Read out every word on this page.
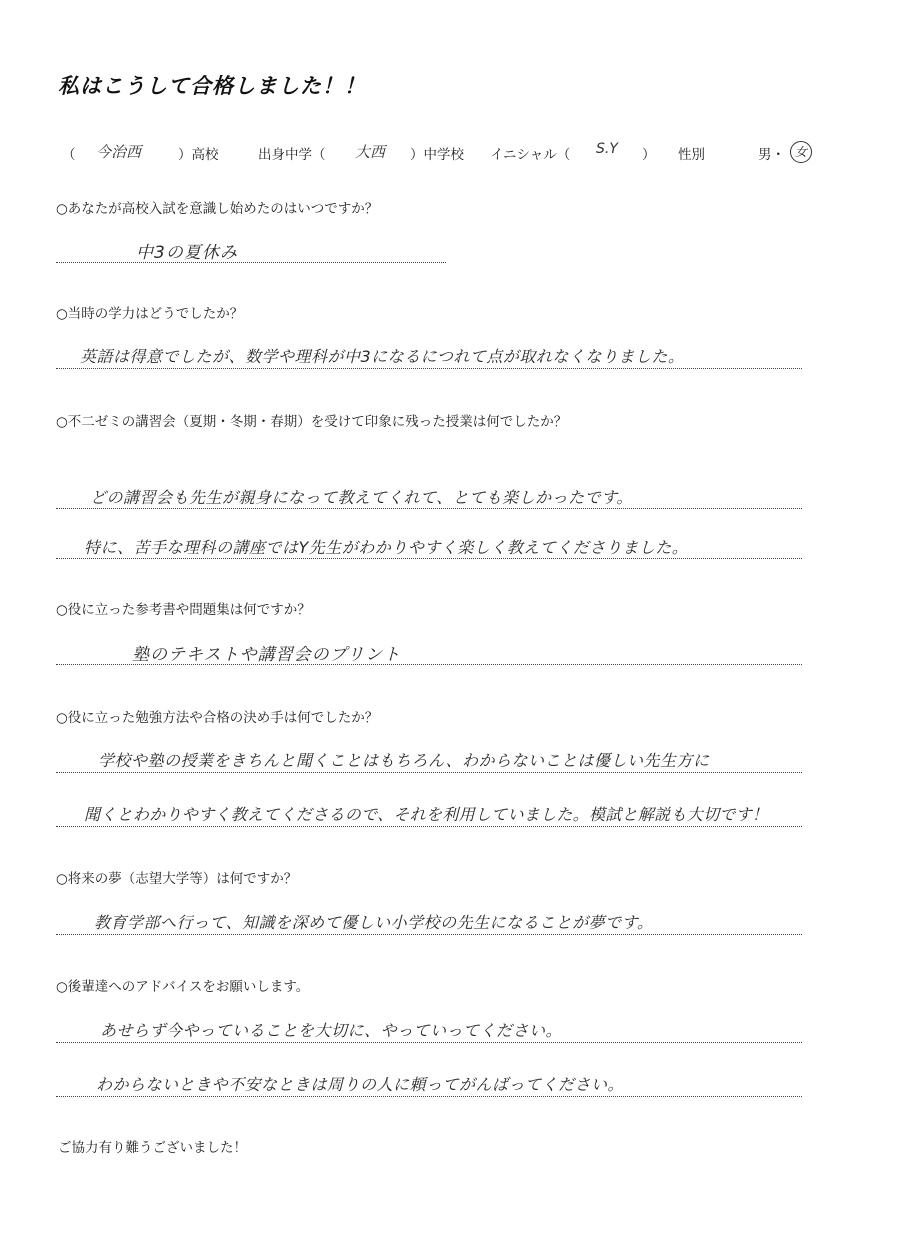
私はこうして合格しました！！
（ 今治西	）高校	出身中学（ 大西 ）中学校 イニシャル（ S.Y ） 性別	男・ 女
○あなたが高校入試を意識し始めたのはいつですか？
中3の夏休み
○当時の学力はどうでしたか？
英語は得意でしたが、数学や理科が中3になるにつれて点が取れなくなりました。
○不二ゼミの講習会（夏期・冬期・春期）を受けて印象に残った授業は何でしたか？
どの講習会も先生が親身になって教えてくれて、とても楽しかったです。
特に、苦手な理科の講座ではY先生がわかりやすく楽しく教えてくださりました。
○役に立った参考書や問題集は何ですか？
塾のテキストや講習会のプリント
○役に立った勉強方法や合格の決め手は何でしたか？
学校や塾の授業をきちんと聞くことはもちろん、わからないことは優しい先生方に
聞くとわかりやすく教えてくださるので、それを利用していました。模試と解説も大切です！
○将来の夢（志望大学等）は何ですか？
教育学部へ行って、知識を深めて優しい小学校の先生になることが夢です。
○後輩達へのアドバイスをお願いします。
あせらず今やっていることを大切に、やっていってください。
わからないときや不安なときは周りの人に頼ってがんばってください。
ご協力有り難うございました！
